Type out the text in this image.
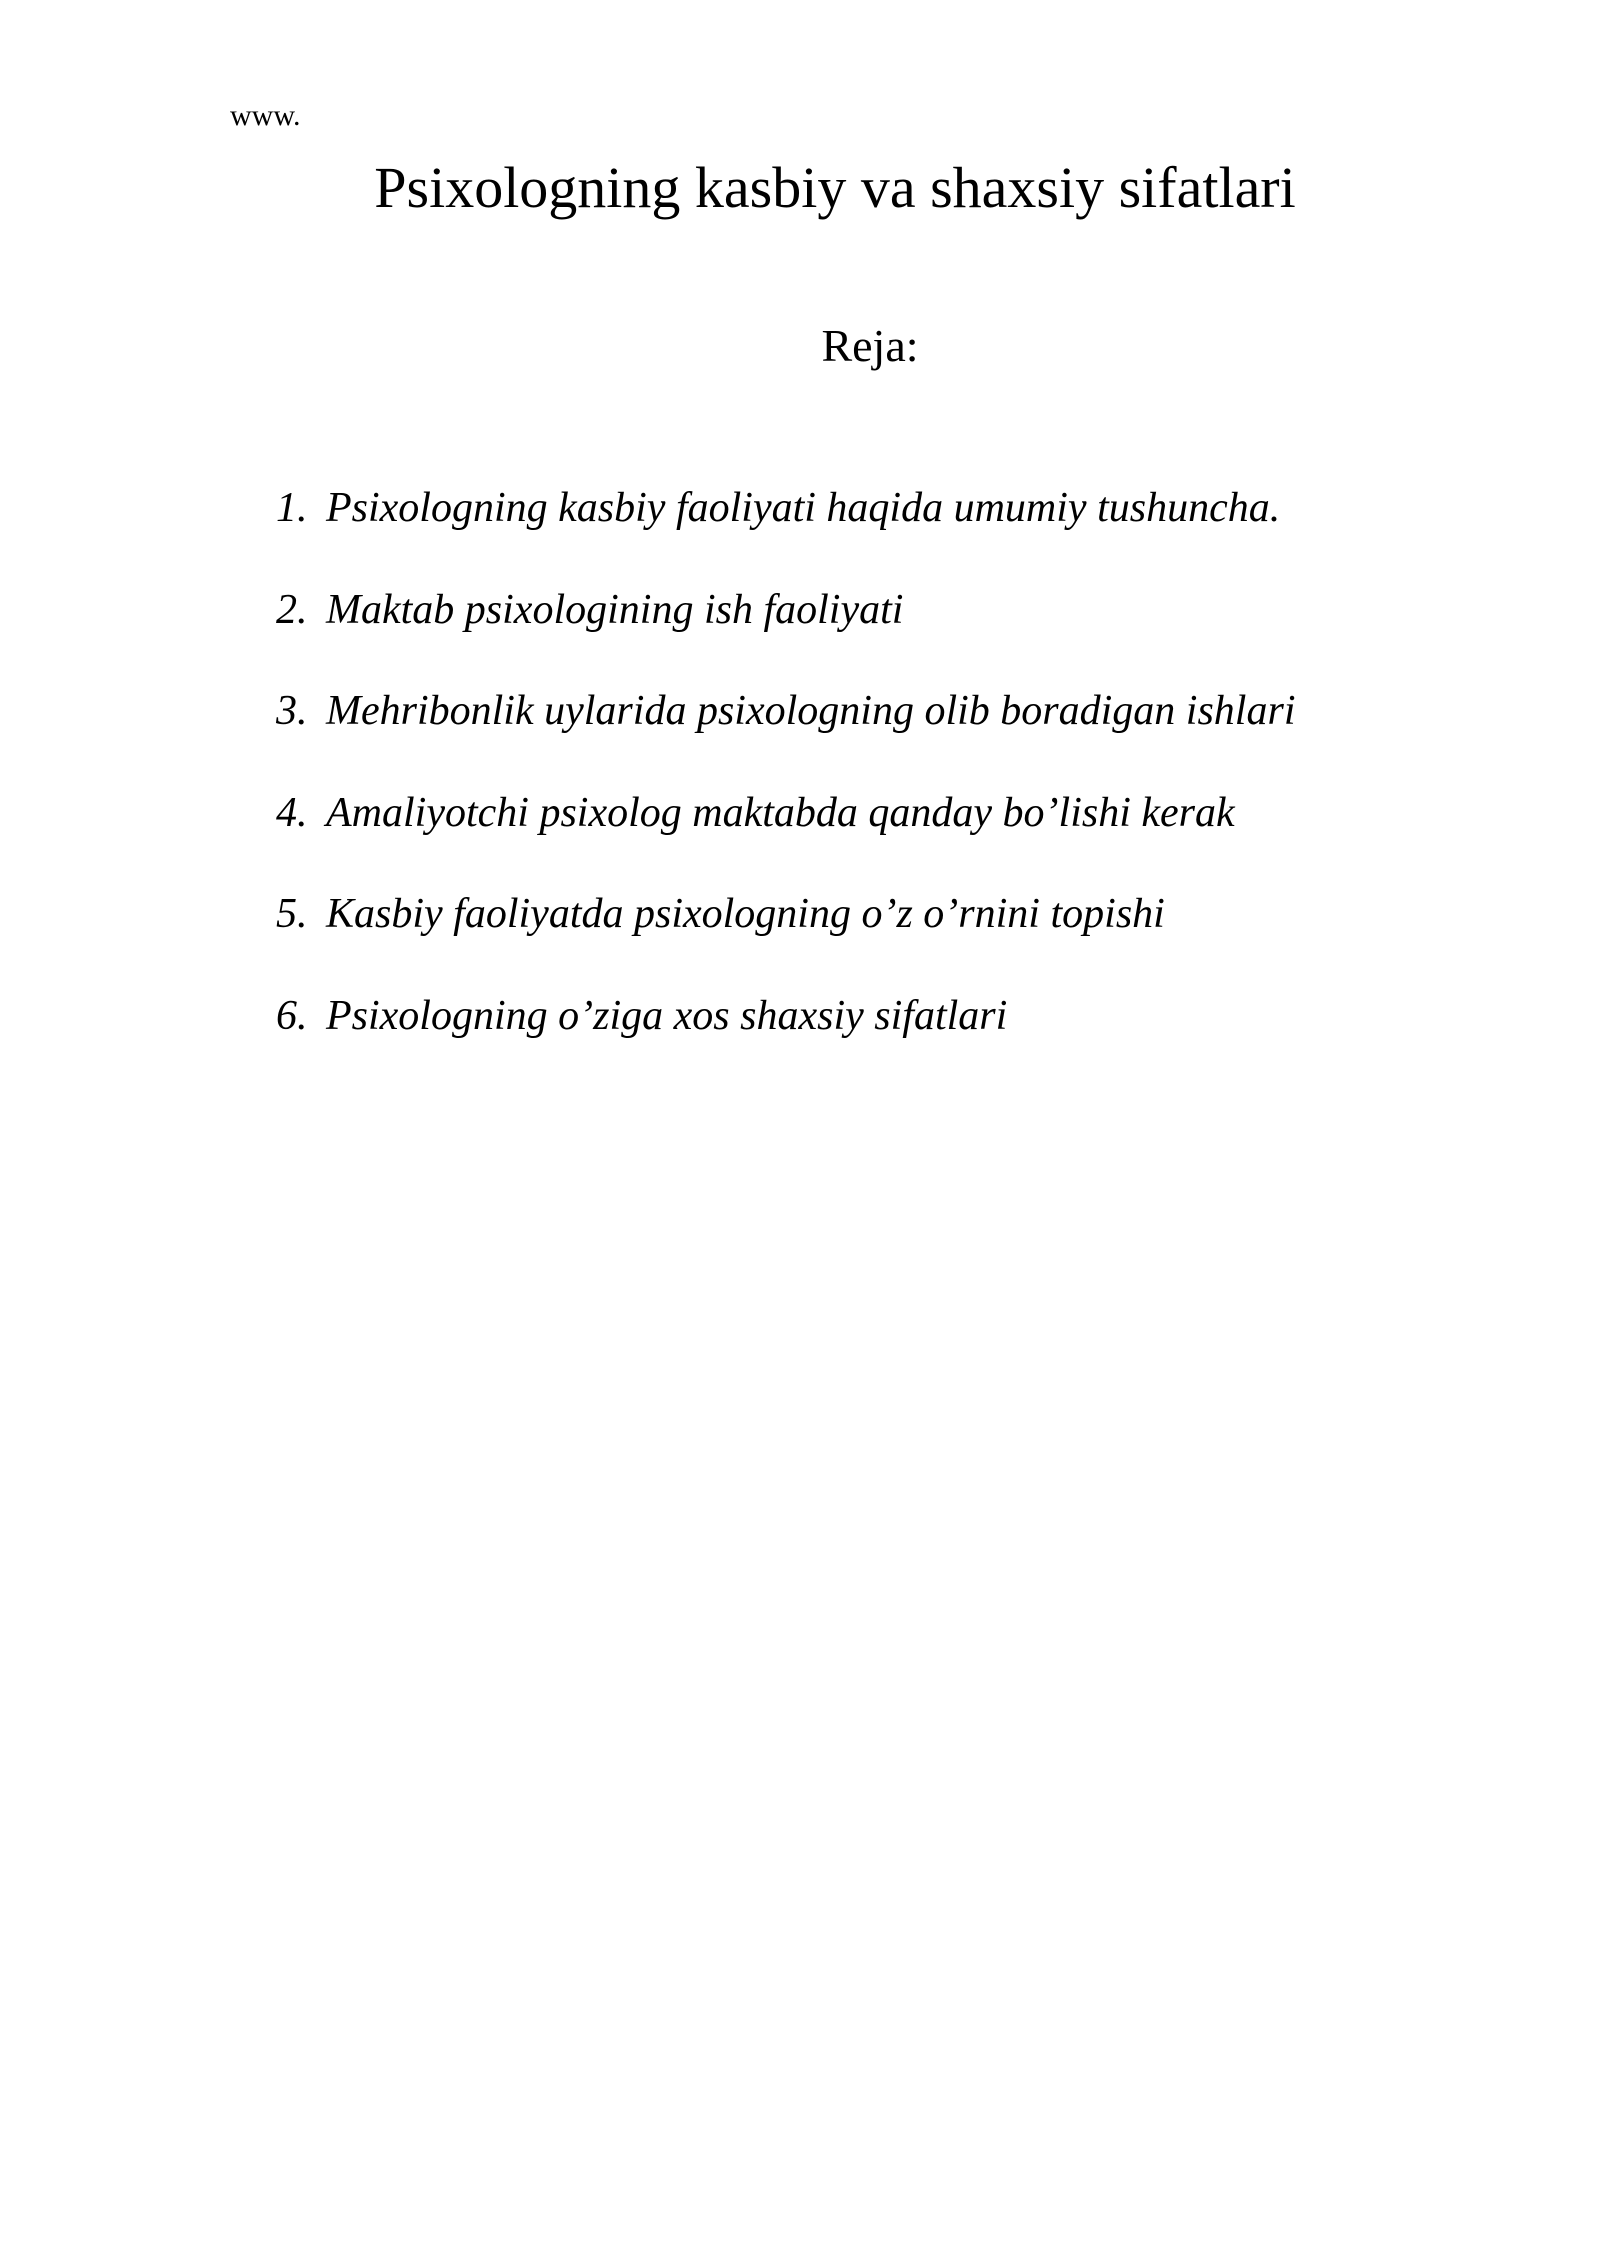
www.
Psixologning kasbiy va shaxsiy sifatlari
Reja:
1. Psixologning kasbiy faoliyati haqida umumiy tushuncha.
2. Maktab psixologining ish faoliyati
3. Mehribonlik uylarida psixologning olib boradigan ishlari
4. Amaliyotchi psixolog maktabda qanday bo’lishi kerak
5. Kasbiy faoliyatda psixologning o’z o’rnini topishi
6. Psixologning o’ziga xos shaxsiy sifatlari
